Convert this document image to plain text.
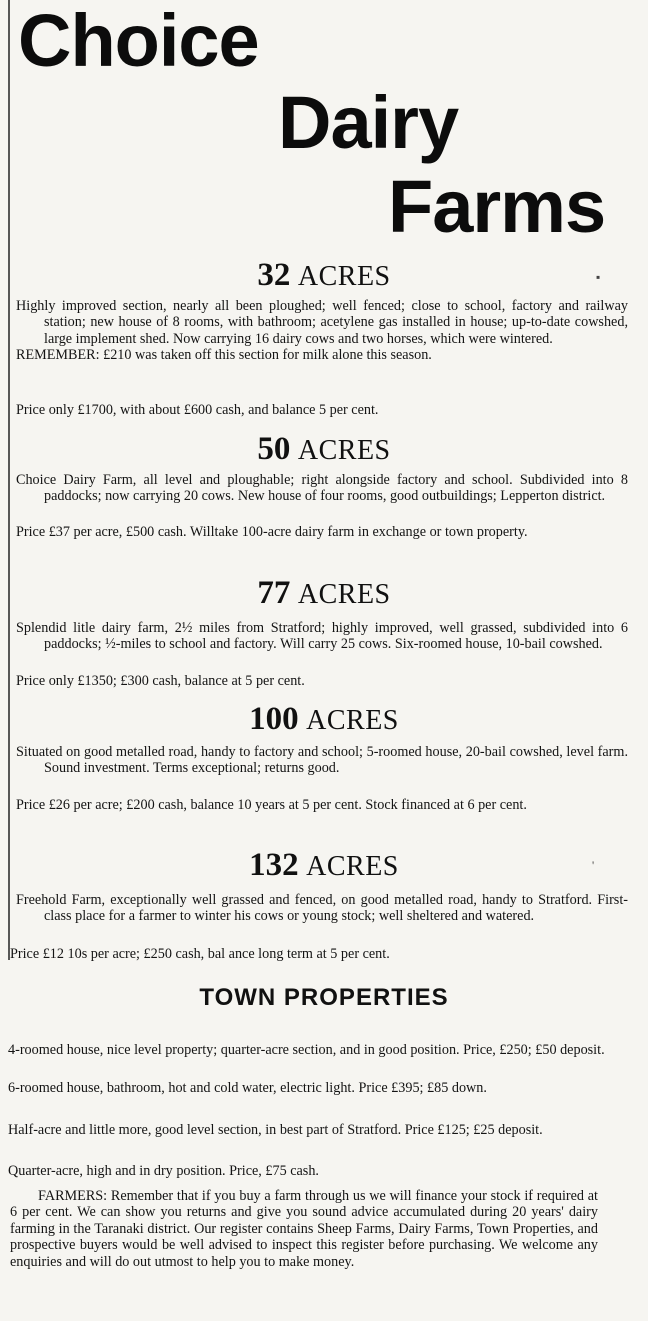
Choice
Dairy
Farms
32 ACRES

Highly improved section, nearly all been ploughed; well fenced; close to school, factory and railway station; new house of 8 rooms, with bathroom; acetylene gas installed in house; up-to-date cowshed, large implement shed. Now carrying 16 dairy cows and two horses, which were wintered.

REMEMBER: £210 was taken off this section for milk alone this season.

Price only £1700, with about £600 cash, and balance 5 per cent.
50 ACRES
Choice Dairy Farm, all level and ploughable; right alongside factory and school. Subdivided into 8 paddocks; now carrying 20 cows. New house of four rooms, good outbuildings; Lepperton district.
Price £37 per acre, £500 cash. Willtake 100-acre dairy farm in exchange or town property.
77 ACRES
Splendid litle dairy farm, 2½ miles from Stratford; highly improved, well grassed, subdivided into 6 paddocks; ½-miles to school and factory. Will carry 25 cows. Six-roomed house, 10-bail cowshed.
Price only £1350; £300 cash, balance at 5 per cent.
100 ACRES
Situated on good metalled road, handy to factory and school; 5-roomed house, 20-bail cowshed, level farm. Sound investment. Terms exceptional; returns good.
Price £26 per acre; £200 cash, balance 10 years at 5 per cent. Stock financed at 6 per cent.
132 ACRES
Freehold Farm, exceptionally well grassed and fenced, on good metalled road, handy to Stratford. First-class place for a farmer to winter his cows or young stock; well sheltered and watered.
Price £12 10s per acre; £250 cash, bal ance long term at 5 per cent.
TOWN PROPERTIES
4-roomed house, nice level property; quarter-acre section, and in good position. Price, £250; £50 deposit.
6-roomed house, bathroom, hot and cold water, electric light. Price £395; £85 down.
Half-acre and little more, good level section, in best part of Stratford. Price £125; £25 deposit.
Quarter-acre, high and in dry position. Price, £75 cash.
FARMERS: Remember that if you buy a farm through us we will finance your stock if required at 6 per cent. We can show you returns and give you sound advice accumulated during 20 years' dairy farming in the Taranaki district. Our register contains Sheep Farms, Dairy Farms, Town Properties, and prospective buyers would be well advised to inspect this register before purchasing. We welcome any enquiries and will do out utmost to help you to make money.
▪
'
